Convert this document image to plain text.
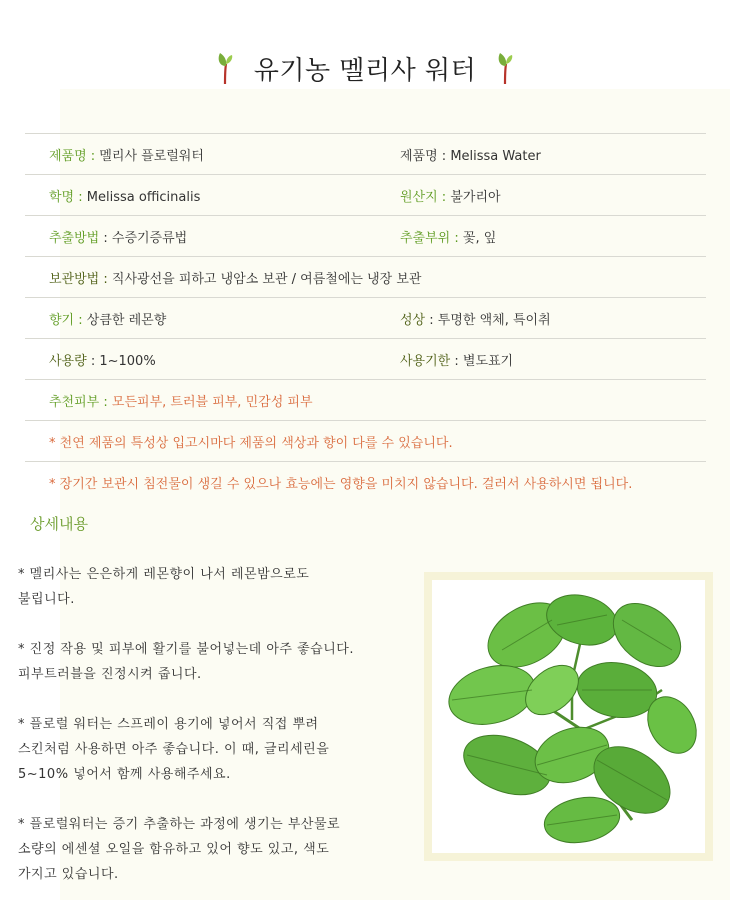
유기농 멜리사 워터
제품명 : 멜리사 플로럴워터	제품명 : Melissa Water
학명 : Melissa officinalis	원산지 : 불가리아
추출방법 : 수증기증류법	추출부위 : 꽃, 잎
보관방법 : 직사광선을 피하고 냉암소 보관 / 여름철에는 냉장 보관
향기 : 상큼한 레몬향	성상 : 투명한 액체, 특이취
사용량 : 1~100%	사용기한 : 별도표기
추천피부 : 모든피부, 트러블 피부, 민감성 피부
* 천연 제품의 특성상 입고시마다 제품의 색상과 향이 다를 수 있습니다.
* 장기간 보관시 침전물이 생길 수 있으나 효능에는 영향을 미치지 않습니다. 걸러서 사용하시면 됩니다.
상세내용

* 멜리사는 은은하게 레몬향이 나서 레몬밤으로도
불립니다.

* 진정 작용 및 피부에 활기를 불어넣는데 아주 좋습니다.
피부트러블을 진정시켜 줍니다.

* 플로럴 워터는 스프레이 용기에 넣어서 직접 뿌려
스킨처럼 사용하면 아주 좋습니다. 이 때, 글리세린을
5~10% 넣어서 함께 사용해주세요.

* 플로럴워터는 증기 추출하는 과정에 생기는 부산물로
소량의 에센셜 오일을 함유하고 있어 향도 있고, 색도
가지고 있습니다.
